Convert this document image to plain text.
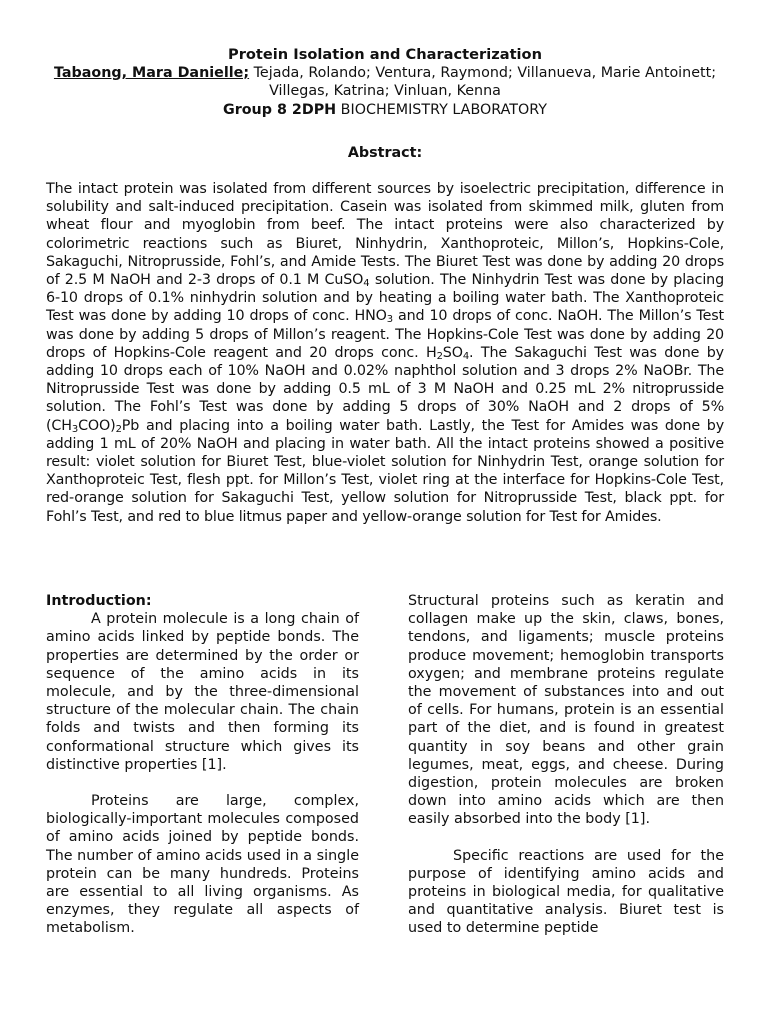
Protein Isolation and Characterization

Tabaong, Mara Danielle; Tejada, Rolando; Ventura, Raymond; Villanueva, Marie Antoinett; Villegas, Katrina; Vinluan, Kenna

Group 8 2DPH BIOCHEMISTRY LABORATORY

Abstract:

The intact protein was isolated from different sources by isoelectric precipitation, difference in solubility and salt-induced precipitation. Casein was isolated from skimmed milk, gluten from wheat flour and myoglobin from beef. The intact proteins were also characterized by colorimetric reactions such as Biuret, Ninhydrin, Xanthoproteic, Millon’s, Hopkins-Cole, Sakaguchi, Nitroprusside, Fohl’s, and Amide Tests. The Biuret Test was done by adding 20 drops of 2.5 M NaOH and 2-3 drops of 0.1 M CuSO$_4$ solution. The Ninhydrin Test was done by placing 6-10 drops of 0.1% ninhydrin solution and by heating a boiling water bath. The Xanthoproteic Test was done by adding 10 drops of conc. $HNO_3$ and 10 drops of conc. NaOH. The Millon’s Test was done by adding 5 drops of Millon’s reagent. The Hopkins-Cole Test was done by adding 20 drops of Hopkins-Cole reagent and 20 drops conc. $H_2SO_4$. The Sakaguchi Test was done by adding 10 drops each of 10% NaOH and 0.02% naphthol solution and 3 drops 2% NaOBr. The Nitroprusside Test was done by adding 0.5 mL of 3 M NaOH and 0.25 mL 2% nitroprusside solution. The Fohl’s Test was done by adding 5 drops of 30% NaOH and 2 drops of 5% $(CH_3COO)_2Pb$ and placing into a boiling water bath. Lastly, the Test for Amides was done by adding 1 mL of 20% NaOH and placing in water bath. All the intact proteins showed a positive result: violet solution for Biuret Test, blue-violet solution for Ninhydrin Test, orange solution for Xanthoproteic Test, flesh ppt. for Millon’s Test, violet ring at the interface for Hopkins-Cole Test, red-orange solution for Sakaguchi Test, yellow solution for Nitroprusside Test, black ppt. for Fohl’s Test, and red to blue litmus paper and yellow-orange solution for Test for Amides.

Introduction:

A protein molecule is a long chain of amino acids linked by peptide bonds. The properties are determined by the order or sequence of the amino acids in its molecule, and by the three-dimensional structure of the molecular chain. The chain folds and twists and then forming its conformational structure which gives its distinctive properties [1].

Proteins are large, complex, biologically-important molecules composed of amino acids joined by peptide bonds. The number of amino acids used in a single protein can be many hundreds. Proteins are essential to all living organisms. As enzymes, they regulate all aspects of metabolism.

Structural proteins such as keratin and collagen make up the skin, claws, bones, tendons, and ligaments; muscle proteins produce movement; hemoglobin transports oxygen; and membrane proteins regulate the movement of substances into and out of cells. For humans, protein is an essential part of the diet, and is found in greatest quantity in soy beans and other grain legumes, meat, eggs, and cheese. During digestion, protein molecules are broken down into amino acids which are then easily absorbed into the body [1].

Specific reactions are used for the purpose of identifying amino acids and proteins in biological media, for qualitative and quantitative analysis. Biuret test is used to determine peptide
